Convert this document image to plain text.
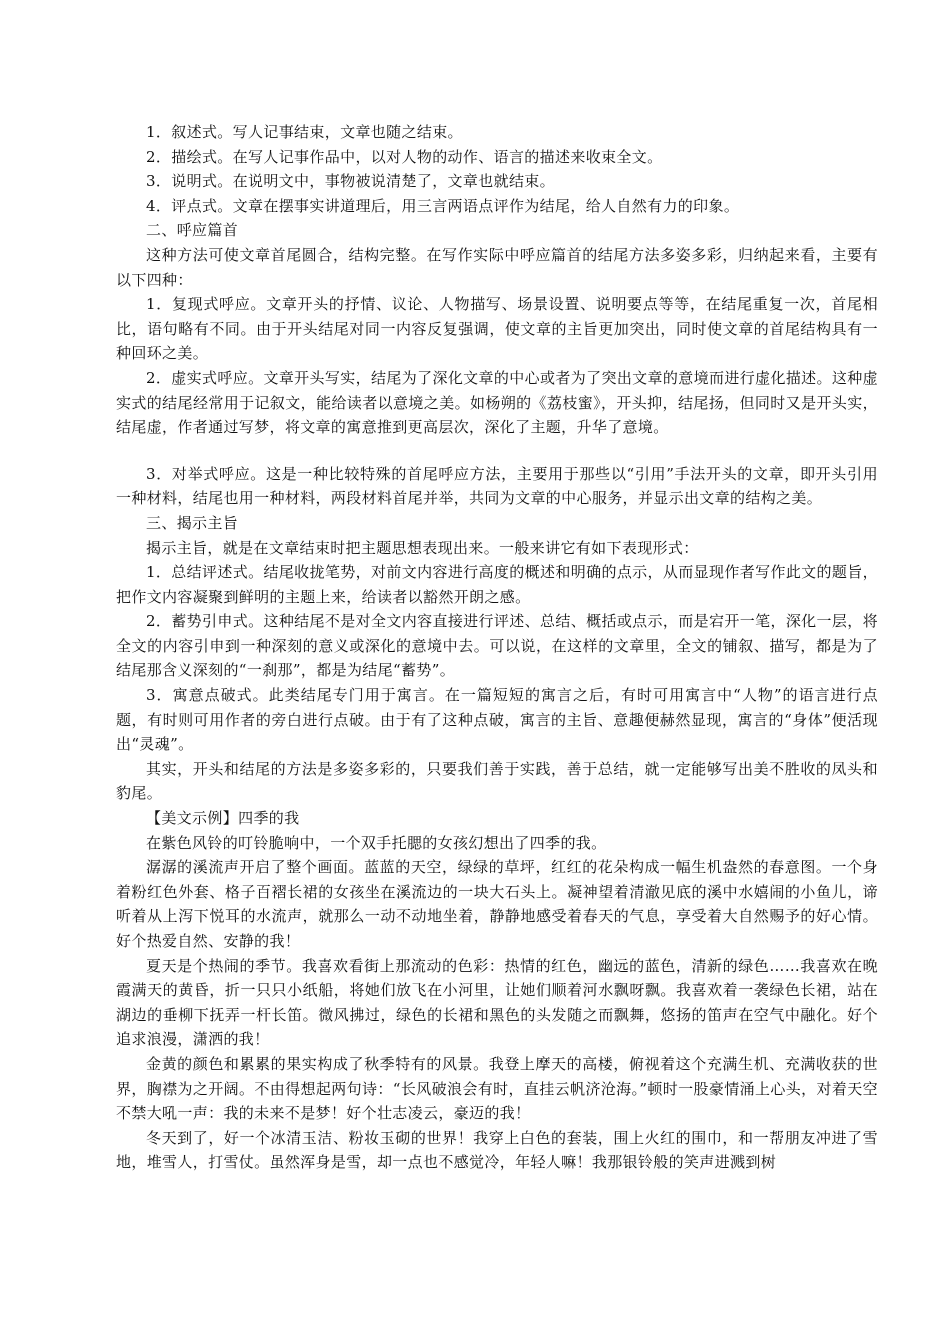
1．叙述式。写人记事结束，文章也随之结束。

2．描绘式。在写人记事作品中，以对人物的动作、语言的描述来收束全文。

3．说明式。在说明文中，事物被说清楚了，文章也就结束。

4．评点式。文章在摆事实讲道理后，用三言两语点评作为结尾，给人自然有力的印象。

二、呼应篇首

这种方法可使文章首尾圆合，结构完整。在写作实际中呼应篇首的结尾方法多姿多彩，归纳起来看，主要有以下四种：

1．复现式呼应。文章开头的抒情、议论、人物描写、场景设置、说明要点等等，在结尾重复一次，首尾相比，语句略有不同。由于开头结尾对同一内容反复强调，使文章的主旨更加突出，同时使文章的首尾结构具有一种回环之美。

2．虚实式呼应。文章开头写实，结尾为了深化文章的中心或者为了突出文章的意境而进行虚化描述。这种虚实式的结尾经常用于记叙文，能给读者以意境之美。如杨朔的《荔枝蜜》，开头抑，结尾扬，但同时又是开头实，结尾虚，作者通过写梦，将文章的寓意推到更高层次，深化了主题，升华了意境。

3．对举式呼应。这是一种比较特殊的首尾呼应方法，主要用于那些以“引用”手法开头的文章，即开头引用一种材料，结尾也用一种材料，两段材料首尾并举，共同为文章的中心服务，并显示出文章的结构之美。

三、揭示主旨

揭示主旨，就是在文章结束时把主题思想表现出来。一般来讲它有如下表现形式：

1．总结评述式。结尾收拢笔势，对前文内容进行高度的概述和明确的点示，从而显现作者写作此文的题旨，把作文内容凝聚到鲜明的主题上来，给读者以豁然开朗之感。

2．蓄势引申式。这种结尾不是对全文内容直接进行评述、总结、概括或点示，而是宕开一笔，深化一层，将全文的内容引申到一种深刻的意义或深化的意境中去。可以说，在这样的文章里，全文的铺叙、描写，都是为了结尾那含义深刻的“一刹那”，都是为结尾“蓄势”。

3．寓意点破式。此类结尾专门用于寓言。在一篇短短的寓言之后，有时可用寓言中“人物”的语言进行点题，有时则可用作者的旁白进行点破。由于有了这种点破，寓言的主旨、意趣便赫然显现，寓言的“身体”便活现出“灵魂”。

其实，开头和结尾的方法是多姿多彩的，只要我们善于实践，善于总结，就一定能够写出美不胜收的凤头和豹尾。

【美文示例】四季的我

在紫色风铃的叮铃脆响中，一个双手托腮的女孩幻想出了四季的我。

潺潺的溪流声开启了整个画面。蓝蓝的天空，绿绿的草坪，红红的花朵构成一幅生机盎然的春意图。一个身着粉红色外套、格子百褶长裙的女孩坐在溪流边的一块大石头上。凝神望着清澈见底的溪中水嬉闹的小鱼儿，谛听着从上泻下悦耳的水流声，就那么一动不动地坐着，静静地感受着春天的气息，享受着大自然赐予的好心情。好个热爱自然、安静的我！

夏天是个热闹的季节。我喜欢看街上那流动的色彩：热情的红色，幽远的蓝色，清新的绿色……我喜欢在晚霞满天的黄昏，折一只只小纸船，将她们放飞在小河里，让她们顺着河水飘呀飘。我喜欢着一袭绿色长裙，站在湖边的垂柳下抚弄一杆长笛。微风拂过，绿色的长裙和黑色的头发随之而飘舞，悠扬的笛声在空气中融化。好个追求浪漫，潇洒的我！

金黄的颜色和累累的果实构成了秋季特有的风景。我登上摩天的高楼，俯视着这个充满生机、充满收获的世界，胸襟为之开阔。不由得想起两句诗：“长风破浪会有时，直挂云帆济沧海。”顿时一股豪情涌上心头，对着天空不禁大吼一声：我的未来不是梦！好个壮志凌云，豪迈的我！

冬天到了，好一个冰清玉洁、粉妆玉砌的世界！我穿上白色的套装，围上火红的围巾，和一帮朋友冲进了雪地，堆雪人，打雪仗。虽然浑身是雪，却一点也不感觉冷，年轻人嘛！我那银铃般的笑声进溅到树
